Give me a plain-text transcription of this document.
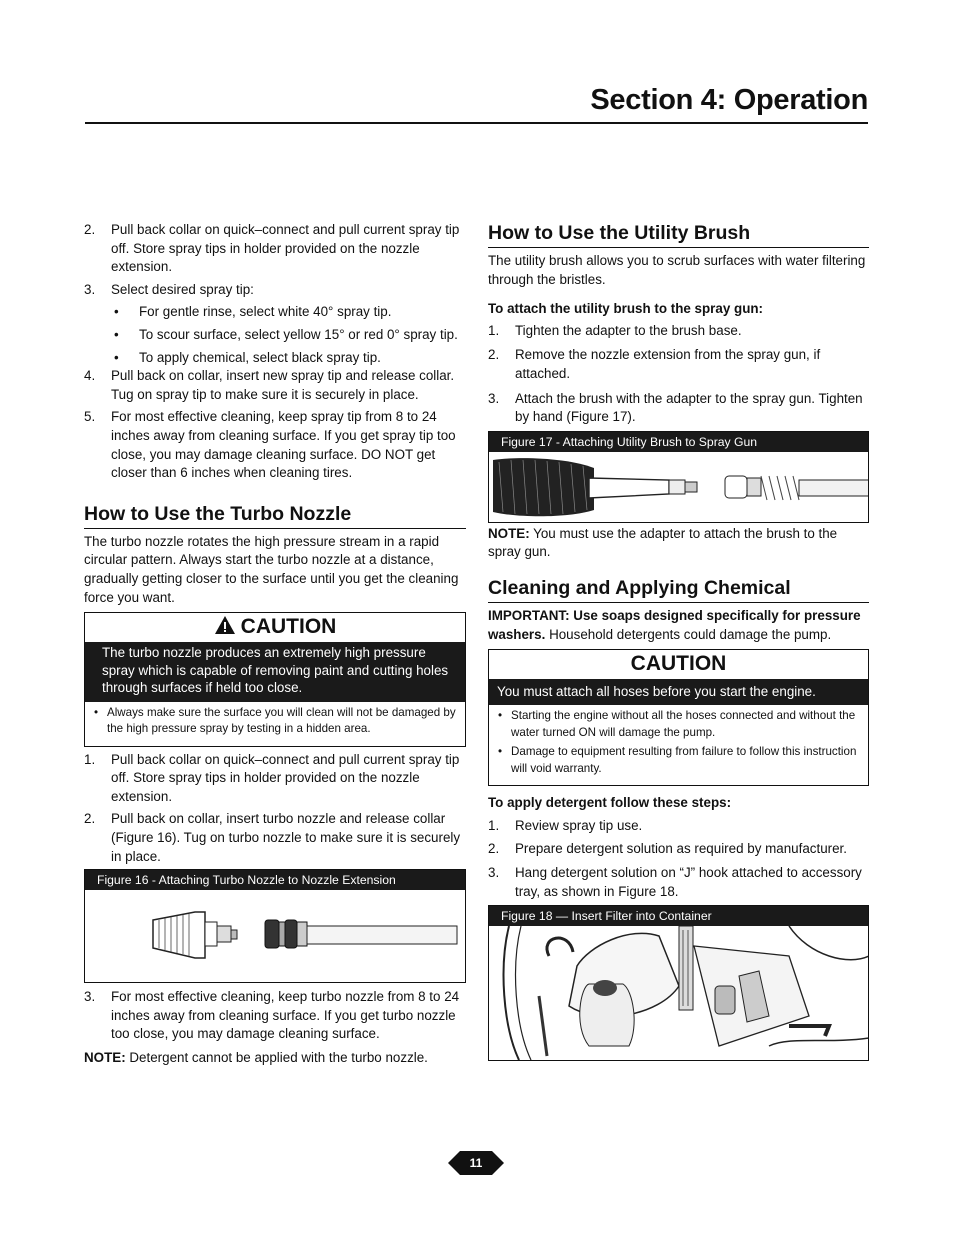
Section 4: Operation
2. Pull back collar on quick–connect and pull current spray tip off. Store spray tips in holder provided on the nozzle extension.

3. Select desired spray tip:

• For gentle rinse, select white 40° spray tip.

• To scour surface, select yellow 15° or red 0° spray tip.

• To apply chemical, select black spray tip.

4. Pull back on collar, insert new spray tip and release collar. Tug on spray tip to make sure it is securely in place.

5. For most effective cleaning, keep spray tip from 8 to 24 inches away from cleaning surface. If you get spray tip too close, you may damage cleaning surface. DO NOT get closer than 6 inches when cleaning tires.

How to Use the Turbo Nozzle

The turbo nozzle rotates the high pressure stream in a rapid circular pattern. Always start the turbo nozzle at a distance, gradually getting closer to the surface until you get the cleaning force you want.

CAUTION
The turbo nozzle produces an extremely high pressure spray which is capable of removing paint and cutting holes through surfaces if held too close.
• Always make sure the surface you will clean will not be damaged by the high pressure spray by testing in a hidden area.
1. Pull back collar on quick–connect and pull current spray tip off. Store spray tips in holder provided on the nozzle extension.

2. Pull back on collar, insert turbo nozzle and release collar (Figure 16). Tug on turbo nozzle to make sure it is securely in place.

Figure 16 - Attaching Turbo Nozzle to Nozzle Extension
3. For most effective cleaning, keep turbo nozzle from 8 to 24 inches away from cleaning surface. If you get turbo nozzle too close, you may damage cleaning surface.

NOTE: Detergent cannot be applied with the turbo nozzle.

How to Use the Utility Brush

The utility brush allows you to scrub surfaces with water filtering through the bristles.

To attach the utility brush to the spray gun:

1. Tighten the adapter to the brush base.

2. Remove the nozzle extension from the spray gun, if attached.

3. Attach the brush with the adapter to the spray gun. Tighten by hand (Figure 17).

Figure 17 - Attaching Utility Brush to Spray Gun

NOTE: You must use the adapter to attach the brush to the spray gun.

Cleaning and Applying Chemical

IMPORTANT: Use soaps designed specifically for pressure washers. Household detergents could damage the pump.

CAUTION
You must attach all hoses before you start the engine.
• Starting the engine without all the hoses connected and without the water turned ON will damage the pump.
• Damage to equipment resulting from failure to follow this instruction will void warranty.

To apply detergent follow these steps:

1. Review spray tip use.

2. Prepare detergent solution as required by manufacturer.

3. Hang detergent solution on “J” hook attached to accessory tray, as shown in Figure 18.

Figure 18 — Insert Filter into Container
11
